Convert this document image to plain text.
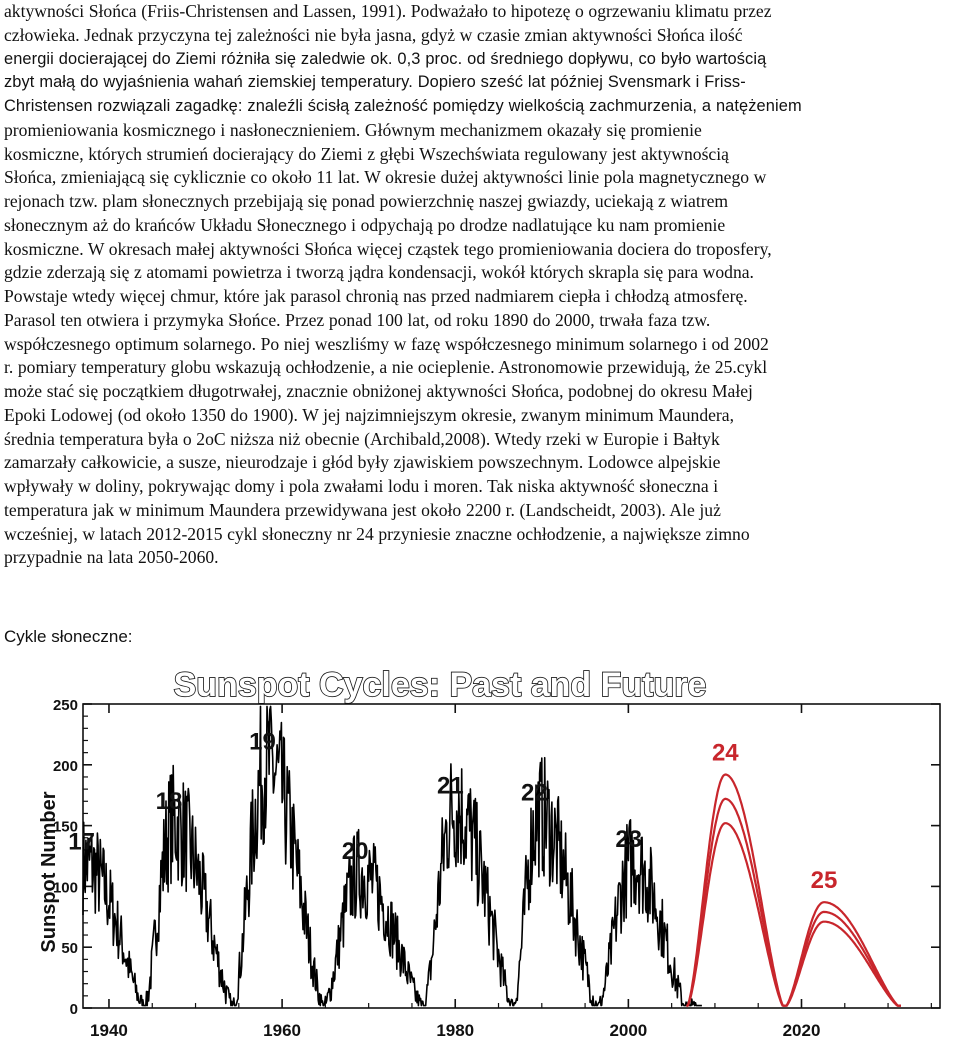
aktywności Słońca (Friis-Christensen and Lassen, 1991). Podważało to hipotezę o ogrzewaniu klimatu przez
człowieka. Jednak przyczyna tej zależności nie była jasna, gdyż w czasie zmian aktywności Słońca ilość
energii docierającej do Ziemi różniła się zaledwie ok. 0,3 proc. od średniego dopływu, co było wartością
zbyt małą do wyjaśnienia wahań ziemskiej temperatury. Dopiero sześć lat później Svensmark i Friss-
Christensen rozwiązali zagadkę: znaleźli ścisłą zależność pomiędzy wielkością zachmurzenia, a natężeniem
promieniowania kosmicznego i nasłonecznieniem. Głównym mechanizmem okazały się promienie
kosmiczne, których strumień docierający do Ziemi z głębi Wszechświata regulowany jest aktywnością
Słońca, zmieniającą się cyklicznie co około 11 lat. W okresie dużej aktywności linie pola magnetycznego w
rejonach tzw. plam słonecznych przebijają się ponad powierzchnię naszej gwiazdy, uciekają z wiatrem
słonecznym aż do krańców Układu Słonecznego i odpychają po drodze nadlatujące ku nam promienie
kosmiczne. W okresach małej aktywności Słońca więcej cząstek tego promieniowania dociera do troposfery,
gdzie zderzają się z atomami powietrza i tworzą jądra kondensacji, wokół których skrapla się para wodna.
Powstaje wtedy więcej chmur, które jak parasol chronią nas przed nadmiarem ciepła i chłodzą atmosferę.
Parasol ten otwiera i przymyka Słońce. Przez ponad 100 lat, od roku 1890 do 2000, trwała faza tzw.
współczesnego optimum solarnego. Po niej weszliśmy w fazę współczesnego minimum solarnego i od 2002
r. pomiary temperatury globu wskazują ochłodzenie, a nie ocieplenie. Astronomowie przewidują, że 25.cykl
może stać się początkiem długotrwałej, znacznie obniżonej aktywności Słońca, podobnej do okresu Małej
Epoki Lodowej (od około 1350 do 1900). W jej najzimniejszym okresie, zwanym minimum Maundera,
średnia temperatura była o 2oC niższa niż obecnie (Archibald,2008). Wtedy rzeki w Europie i Bałtyk
zamarzały całkowicie, a susze, nieurodzaje i głód były zjawiskiem powszechnym. Lodowce alpejskie
wpływały w doliny, pokrywając domy i pola zwałami lodu i moren. Tak niska aktywność słoneczna i
temperatura jak w minimum Maundera przewidywana jest około 2200 r. (Landscheidt, 2003). Ale już
wcześniej, w latach 2012-2015 cykl słoneczny nr 24 przyniesie znaczne ochłodzenie, a największe zimno
przypadnie na lata 2050-2060.
Cykle słoneczne:
Sunspot Cycles: Past and Future
Sunspot Number
0
50
100
150
200
250
1940	1960	1980	2000	2020
17
18
19
20
21 22
23
24
25
